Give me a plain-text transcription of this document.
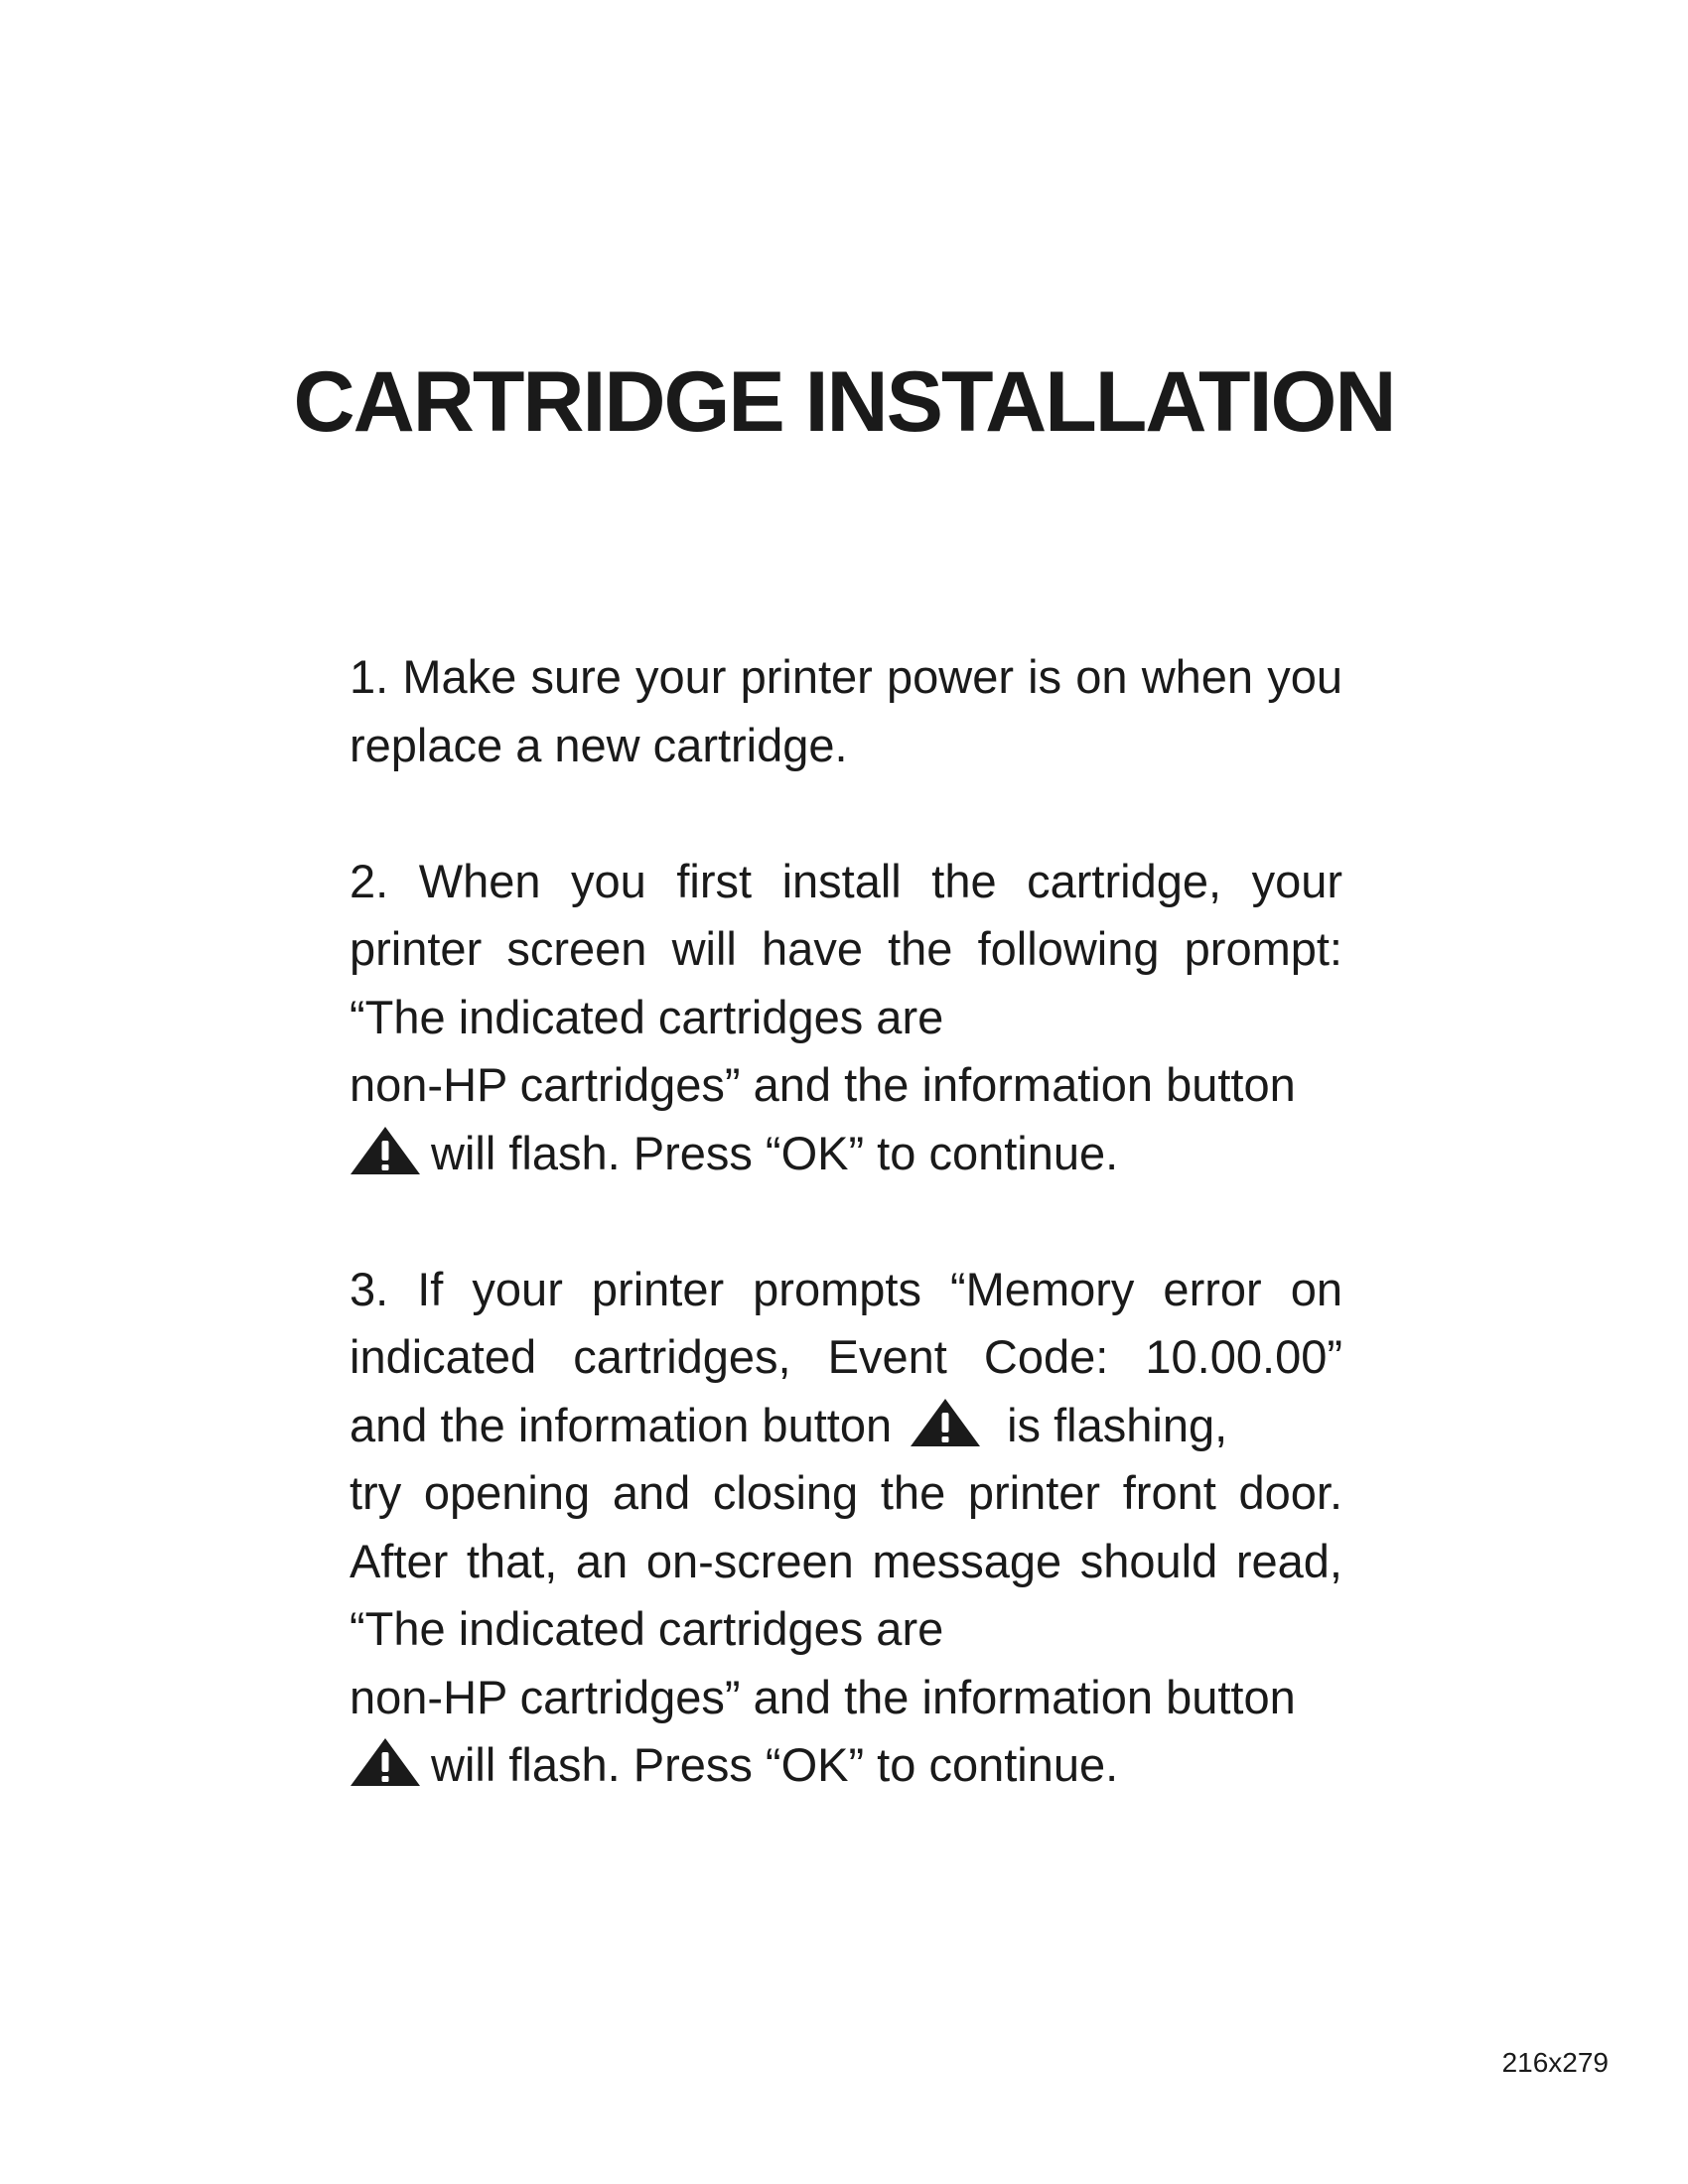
CARTRIDGE INSTALLATION
1. Make sure your printer power is on when you
replace a new cartridge.
2. When you first install the cartridge, your
printer screen will have the following prompt:
“The indicated cartridges are
non-HP cartridges” and the information button
will flash. Press “OK” to continue.
3. If your printer prompts “Memory error on
indicated cartridges, Event Code: 10.00.00”
and the information button is flashing,
try opening and closing the printer front door.
After that, an on-screen message should read,
“The indicated cartridges are
non-HP cartridges” and the information button
will flash. Press “OK” to continue.
216x279
